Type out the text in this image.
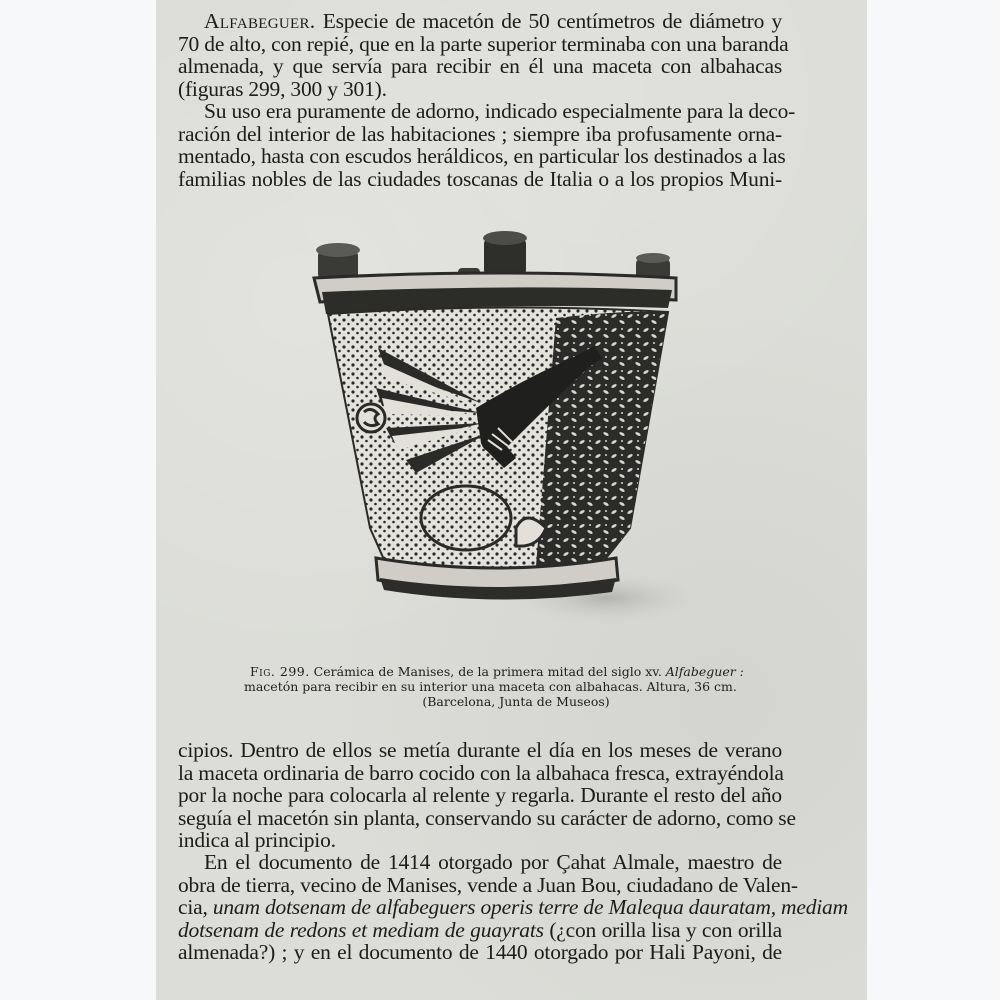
Alfabeguer. Especie de macetón de 50 centímetros de diámetro y
70 de alto, con repié, que en la parte superior terminaba con una baranda
almenada, y que servía para recibir en él una maceta con albahacas
(figuras 299, 300 y 301).
Su uso era puramente de adorno, indicado especialmente para la deco-
ración del interior de las habitaciones ; siempre iba profusamente orna-
mentado, hasta con escudos heráldicos, en particular los destinados a las
familias nobles de las ciudades toscanas de Italia o a los propios Muni-
Fig. 299. Cerámica de Manises, de la primera mitad del siglo xv. Alfabeguer :
macetón para recibir en su interior una maceta con albahacas. Altura, 36 cm.
(Barcelona, Junta de Museos)
cipios. Dentro de ellos se metía durante el día en los meses de verano
la maceta ordinaria de barro cocido con la albahaca fresca, extrayéndola
por la noche para colocarla al relente y regarla. Durante el resto del año
seguía el macetón sin planta, conservando su carácter de adorno, como se
indica al principio.
En el documento de 1414 otorgado por Çahat Almale, maestro de
obra de tierra, vecino de Manises, vende a Juan Bou, ciudadano de Valen-
cia, unam dotsenam de alfabeguers operis terre de Malequa dauratam, mediam
dotsenam de redons et mediam de guayrats (¿con orilla lisa y con orilla
almenada?) ; y en el documento de 1440 otorgado por Hali Payoni, de
